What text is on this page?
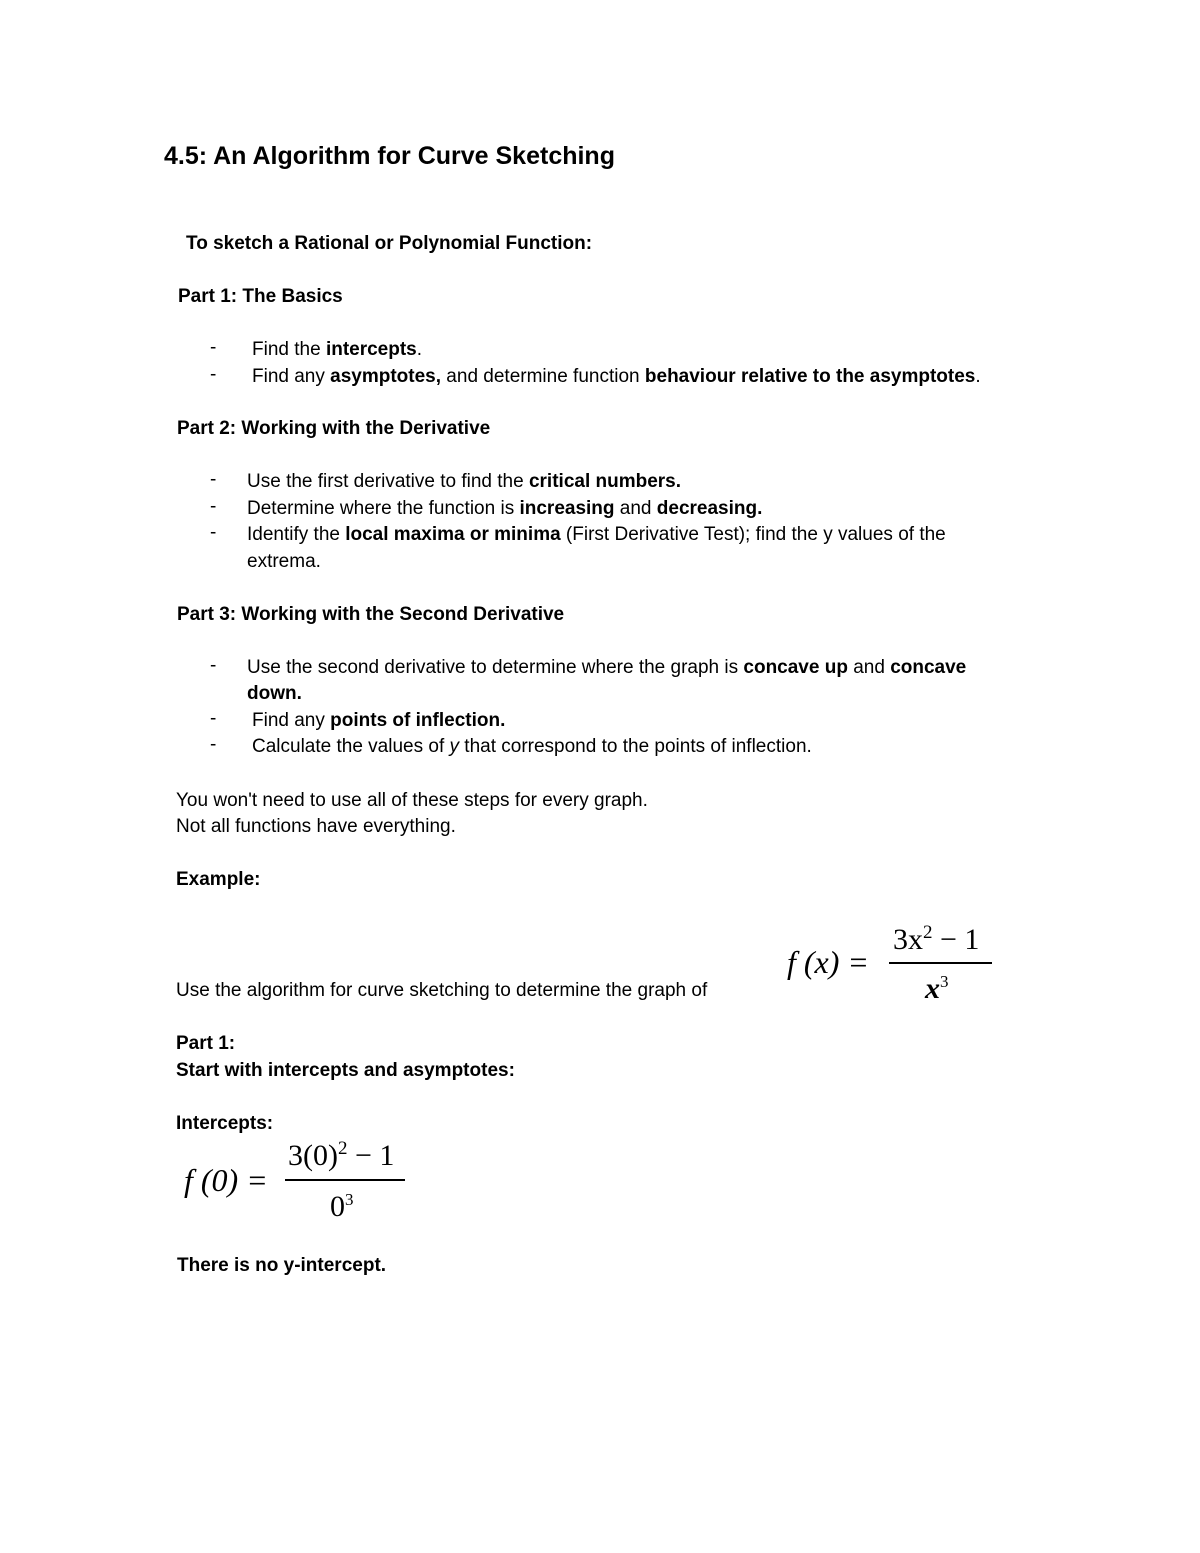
4.5: An Algorithm for Curve Sketching
To sketch a Rational or Polynomial Function:
Part 1: The Basics
- Find the intercepts.
- Find any asymptotes, and determine function behaviour relative to the asymptotes.
Part 2: Working with the Derivative
- Use the first derivative to find the critical numbers.
- Determine where the function is increasing and decreasing.
- Identify the local maxima or minima (First Derivative Test); find the y values of the
extrema.
Part 3: Working with the Second Derivative
- Use the second derivative to determine where the graph is concave up and concave
down.
- Find any points of inflection.
- Calculate the values of y that correspond to the points of inflection.
You won't need to use all of these steps for every graph.
Not all functions have everything.
Example:
Use the algorithm for curve sketching to determine the graph of
f (x) =
$3x^2 - 1$
$x^3$
Part 1:
Start with intercepts and asymptotes:
Intercepts:
f (0) =
$3(0)^2 - 1$
$0^3$
There is no y-intercept.
